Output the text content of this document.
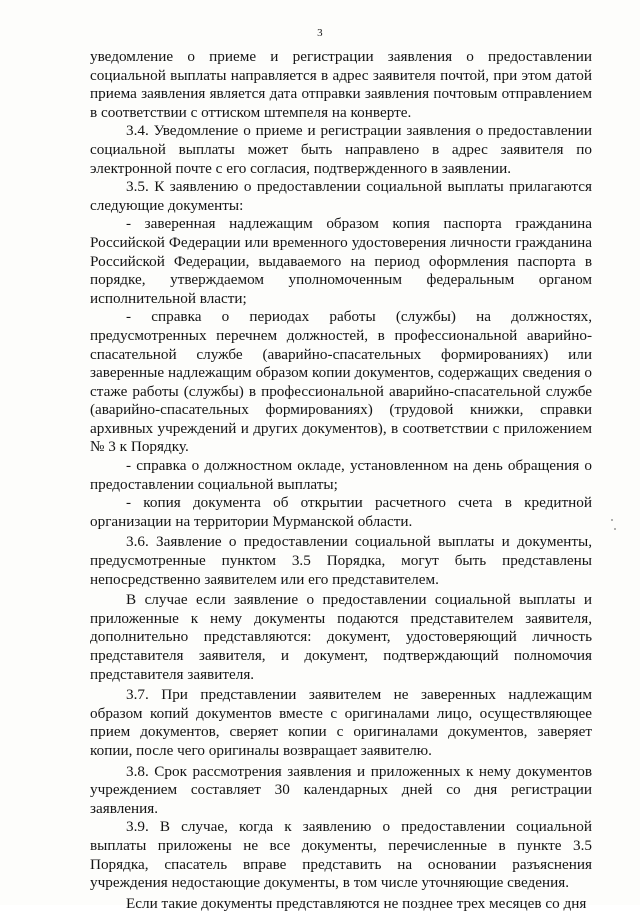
3

уведомление о приеме и регистрации заявления о предоставлении социальной выплаты направляется в адрес заявителя почтой, при этом датой приема заявления является дата отправки заявления почтовым отправлением в соответствии с оттиском штемпеля на конверте.

3.4. Уведомление о приеме и регистрации заявления о предоставлении социальной выплаты может быть направлено в адрес заявителя по электронной почте с его согласия, подтвержденного в заявлении.

3.5. К заявлению о предоставлении социальной выплаты прилагаются следующие документы:

- заверенная надлежащим образом копия паспорта гражданина Российской Федерации или временного удостоверения личности гражданина Российской Федерации, выдаваемого на период оформления паспорта в порядке, утверждаемом уполномоченным федеральным органом исполнительной власти;

- справка о периодах работы (службы) на должностях, предусмотренных перечнем должностей, в профессиональной аварийно-спасательной службе (аварийно-спасательных формированиях) или заверенные надлежащим образом копии документов, содержащих сведения о стаже работы (службы) в профессиональной аварийно-спасательной службе (аварийно-спасательных формированиях) (трудовой книжки, справки архивных учреждений и других документов), в соответствии с приложением № 3 к Порядку.

- справка о должностном окладе, установленном на день обращения о предоставлении социальной выплаты;

- копия документа об открытии расчетного счета в кредитной организации на территории Мурманской области.

3.6. Заявление о предоставлении социальной выплаты и документы, предусмотренные пунктом 3.5 Порядка, могут быть представлены непосредственно заявителем или его представителем.

В случае если заявление о предоставлении социальной выплаты и приложенные к нему документы подаются представителем заявителя, дополнительно представляются: документ, удостоверяющий личность представителя заявителя, и документ, подтверждающий полномочия представителя заявителя.

3.7. При представлении заявителем не заверенных надлежащим образом копий документов вместе с оригиналами лицо, осуществляющее прием документов, сверяет копии с оригиналами документов, заверяет копии, после чего оригиналы возвращает заявителю.

3.8. Срок рассмотрения заявления и приложенных к нему документов учреждением составляет 30 календарных дней со дня регистрации заявления.

3.9. В случае, когда к заявлению о предоставлении социальной выплаты приложены не все документы, перечисленные в пункте 3.5 Порядка, спасатель вправе представить на основании разъяснения учреждения недостающие документы, в том числе уточняющие сведения.

Если такие документы представляются не позднее трех месяцев со дня
